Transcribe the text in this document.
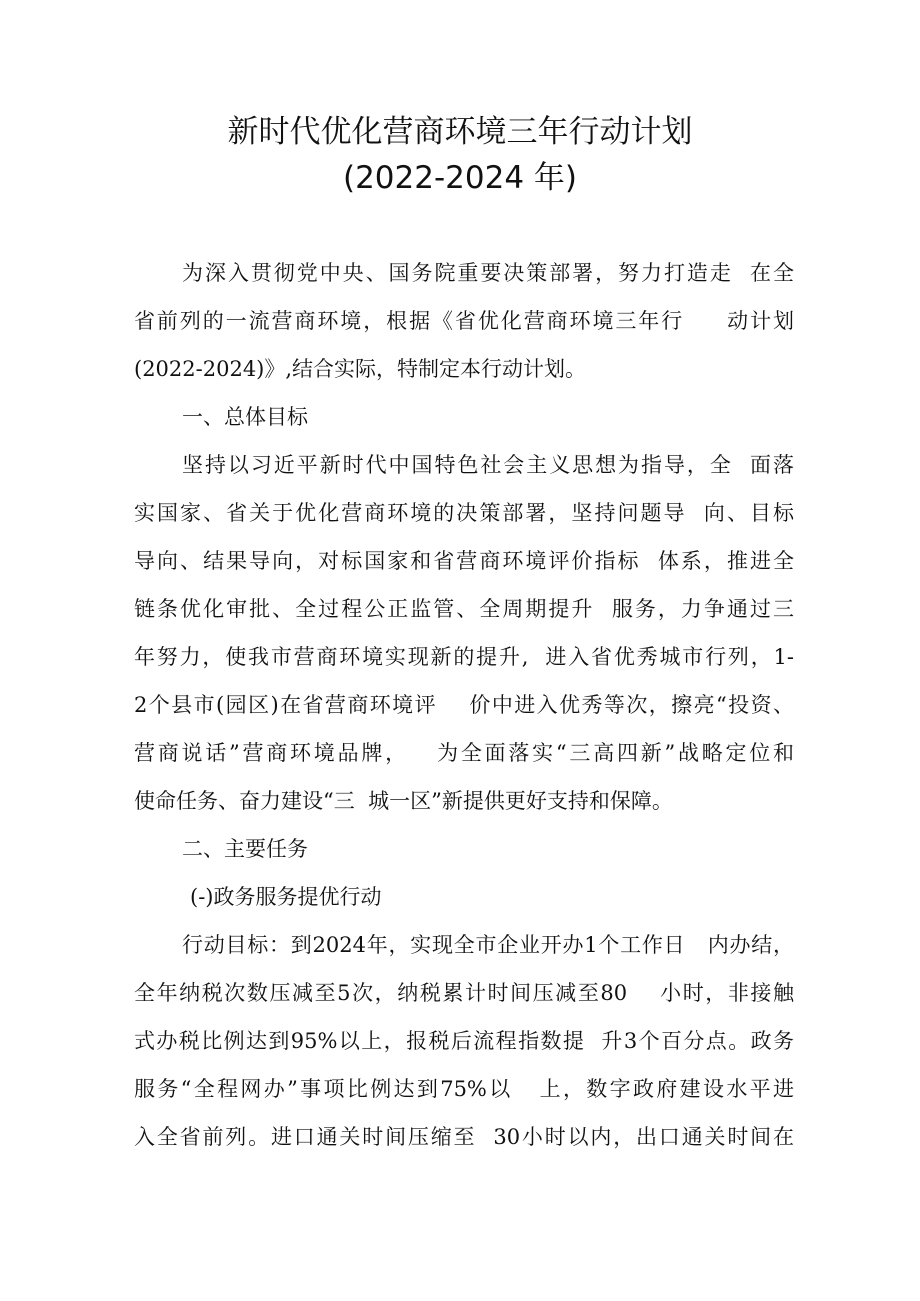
新时代优化营商环境三年行动计划
(2022-2024 年)
为深入贯彻党中央、国务院重要决策部署，努力打造走  在全
省前列的一流营商环境，根据《省优化营商环境三年行     动计划
(2022-2024)》,结合实际，特制定本行动计划。
一、总体目标
坚持以习近平新时代中国特色社会主义思想为指导，全  面落
实国家、省关于优化营商环境的决策部署，坚持问题导  向、目标
导向、结果导向，对标国家和省营商环境评价指标  体系，推进全
链条优化审批、全过程公正监管、全周期提升  服务，力争通过三
年努力，使我市营商环境实现新的提升,  进入省优秀城市行列，1-
2个县市(园区)在省营商环境评    价中进入优秀等次，擦亮“投资、
营商说话”营商环境品牌，   为全面落实“三高四新”战略定位和
使命任务、奋力建设“三  城一区”新提供更好支持和保障。
二、主要任务
(-)政务服务提优行动
行动目标：到2024年，实现全市企业开办1个工作日   内办结，
全年纳税次数压减至5次，纳税累计时间压减至80    小时，非接触
式办税比例达到95%以上，报税后流程指数提  升3个百分点。政务
服务“全程网办”事项比例达到75%以   上，数字政府建设水平进
入全省前列。进口通关时间压缩至  30小时以内，出口通关时间在
